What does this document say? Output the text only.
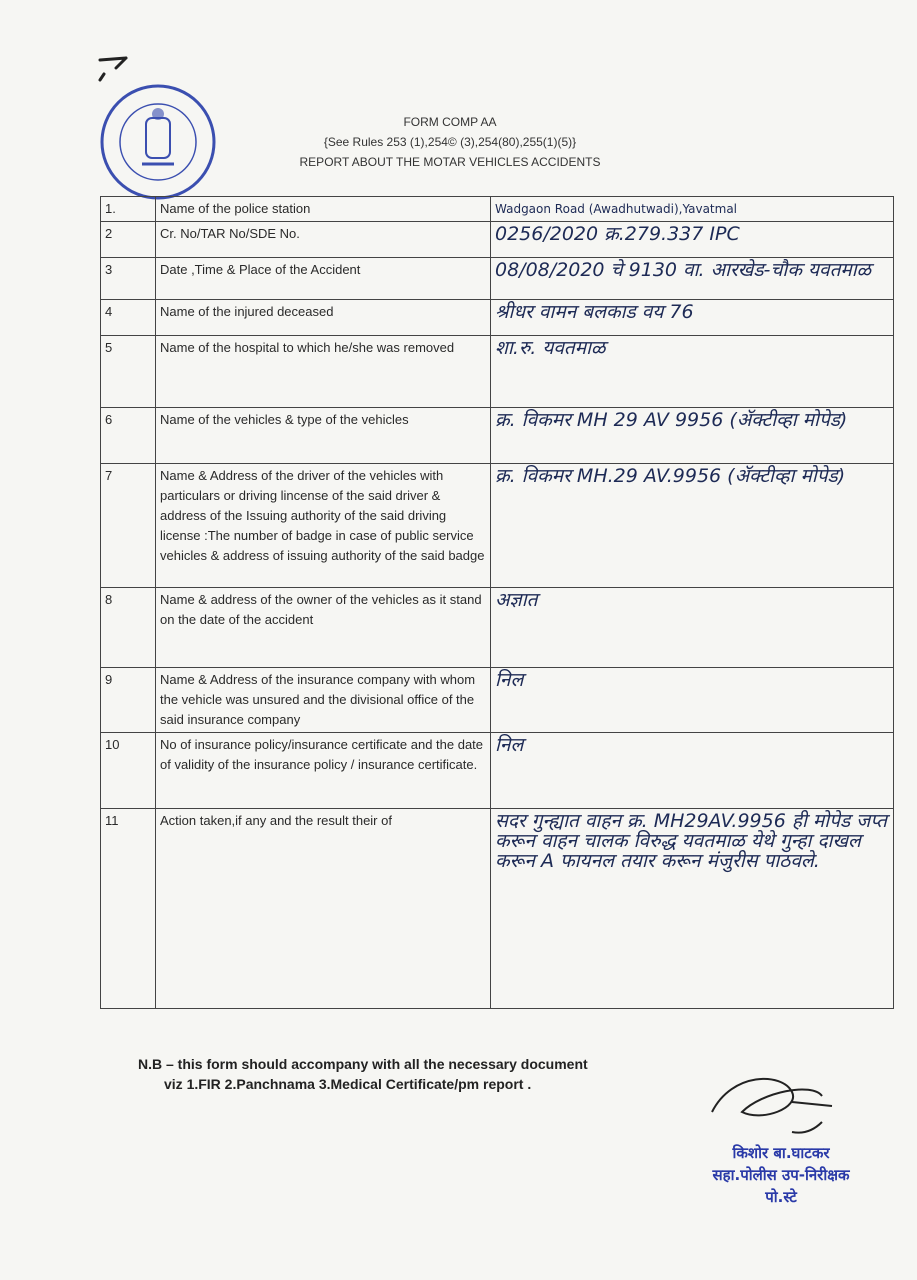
FORM COMP AA
{See Rules 253 (1),254© (3),254(80),255(1)(5)}
REPORT ABOUT THE MOTAR VEHICLES ACCIDENTS
1.	Name of the police station	Wadgaon Road (Awadhutwadi),Yavatmal
2	Cr. No/TAR No/SDE No.	0256/2020 क्र.279.337 IPC
3	Date ,Time & Place of the Accident	08/08/2020 चे 9130 वा. आरखेड-चौक यवतमाळ
4	Name of the injured deceased	श्रीधर वामन बलकाड वय 76
5	Name of the hospital to which he/she was removed	शा.रु. यवतमाळ
6	Name of the vehicles & type of the vehicles	क्र. विकमर MH 29 AV 9956 (ॲक्टीव्हा मोपेड)
7	Name & Address of the driver of the vehicles with particulars or driving lincense of the said driver & address of the Issuing authority of the said driving license :The number of badge in case of public service vehicles & address of issuing authority of the said badge	क्र. विकमर MH.29 AV.9956 (ॲक्टीव्हा मोपेड)
8	Name & address of the owner of the vehicles as it stand on the date of the accident	अज्ञात
9	Name & Address of the insurance company with whom the vehicle was unsured and the divisional office of the said insurance company	निल
10	No of insurance policy/insurance certificate and the date of validity of the insurance policy / insurance certificate.	निल
11	Action taken,if any and the result their of	सदर गुन्ह्यात वाहन क्र. MH29AV.9956 ही मोपेड जप्त करून वाहन चालक विरुद्ध यवतमाळ येथे गुन्हा दाखल करून A फायनल तयार करून मंजुरीस पाठवले.
N.B – this form should accompany with all the necessary document
viz 1.FIR 2.Panchnama 3.Medical Certificate/pm report .
किशोर बा.घाटकर
सहा.पोलीस उप-निरीक्षक
पो.स्टे
